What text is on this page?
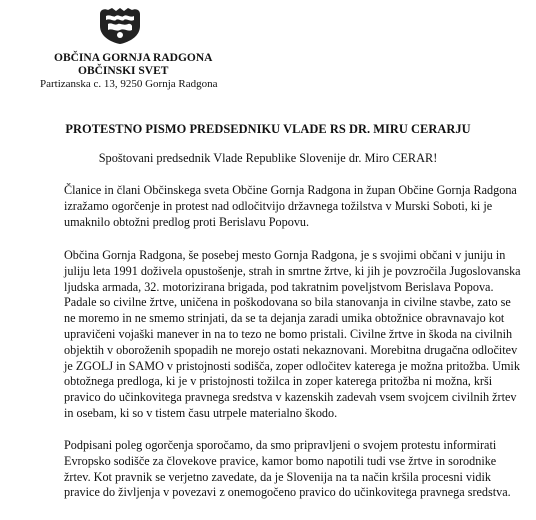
OBČINA GORNJA RADGONA
OBČINSKI SVET
Partizanska c. 13, 9250 Gornja Radgona
PROTESTNO PISMO PREDSEDNIKU VLADE RS DR. MIRU CERARJU
Spoštovani predsednik Vlade Republike Slovenije dr. Miro CERAR!
Članice in člani Občinskega sveta Občine Gornja Radgona in župan Občine Gornja Radgona
izražamo ogorčenje in protest nad odločitvijo državnega tožilstva v Murski Soboti, ki je
umaknilo obtožni predlog proti Berislavu Popovu.
Občina Gornja Radgona, še posebej mesto Gornja Radgona, je s svojimi občani v juniju in
juliju leta 1991 doživela opustošenje, strah in smrtne žrtve, ki jih je povzročila Jugoslovanska
ljudska armada, 32. motorizirana brigada, pod takratnim poveljstvom Berislava Popova.
Padale so civilne žrtve, uničena in poškodovana so bila stanovanja in civilne stavbe, zato se
ne moremo in ne smemo strinjati, da se ta dejanja zaradi umika obtožnice obravnavajo kot
upravičeni vojaški manever in na to tezo ne bomo pristali. Civilne žrtve in škoda na civilnih
objektih v oboroženih spopadih ne morejo ostati nekaznovani. Morebitna drugačna odločitev
je ZGOLJ in SAMO v pristojnosti sodišča, zoper odločitev katerega je možna pritožba. Umik
obtožnega predloga, ki je v pristojnosti tožilca in zoper katerega pritožba ni možna, krši
pravico do učinkovitega pravnega sredstva v kazenskih zadevah vsem svojcem civilnih žrtev
in osebam, ki so v tistem času utrpele materialno škodo.
Podpisani poleg ogorčenja sporočamo, da smo pripravljeni o svojem protestu informirati
Evropsko sodišče za človekove pravice, kamor bomo napotili tudi vse žrtve in sorodnike
žrtev. Kot pravnik se verjetno zavedate, da je Slovenija na ta način kršila procesni vidik
pravice do življenja v povezavi z onemogočeno pravico do učinkovitega pravnega sredstva.
